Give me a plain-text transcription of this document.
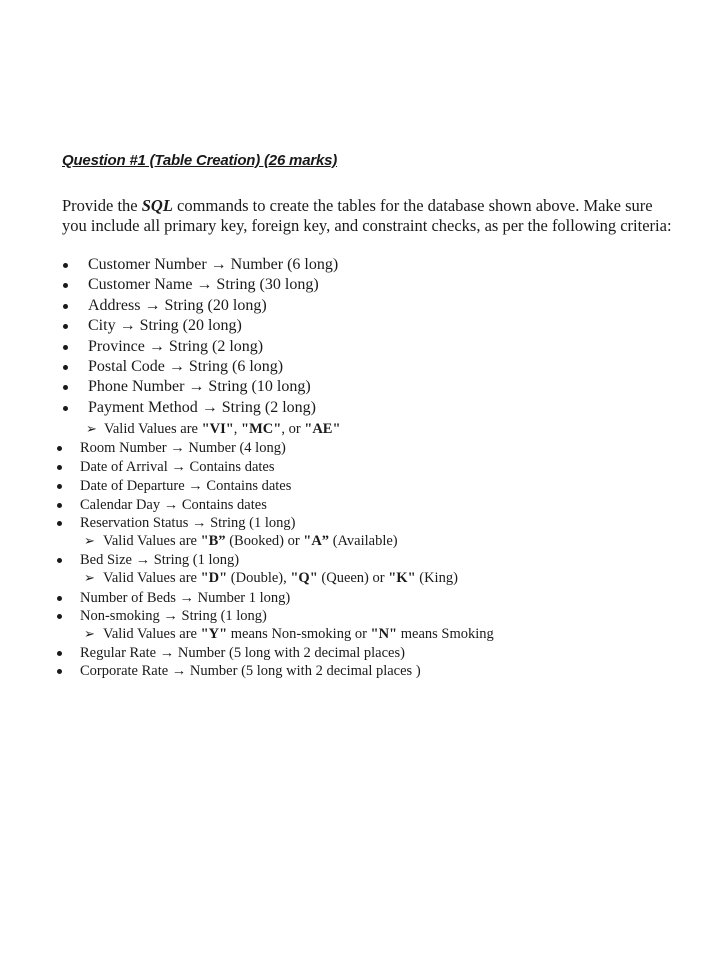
Question #1 (Table Creation) (26 marks)
Provide the SQL commands to create the tables for the database shown above. Make sure
you include all primary key, foreign key, and constraint checks, as per the following criteria:
Customer Number → Number (6 long)
Customer Name → String (30 long)
Address → String (20 long)
City → String (20 long)
Province → String (2 long)
Postal Code → String (6 long)
Phone Number → String (10 long)
Payment Method → String (2 long)
➢ Valid Values are "VI", "MC", or "AE"
Room Number → Number (4 long)
Date of Arrival → Contains dates
Date of Departure → Contains dates
Calendar Day → Contains dates
Reservation Status → String (1 long)
➢ Valid Values are "B” (Booked) or "A” (Available)
Bed Size → String (1 long)
➢ Valid Values are "D" (Double), "Q" (Queen) or "K" (King)
Number of Beds → Number 1 long)
Non-smoking → String (1 long)
➢ Valid Values are "Y" means Non-smoking or "N" means Smoking
Regular Rate → Number (5 long with 2 decimal places)
Corporate Rate → Number (5 long with 2 decimal places )
